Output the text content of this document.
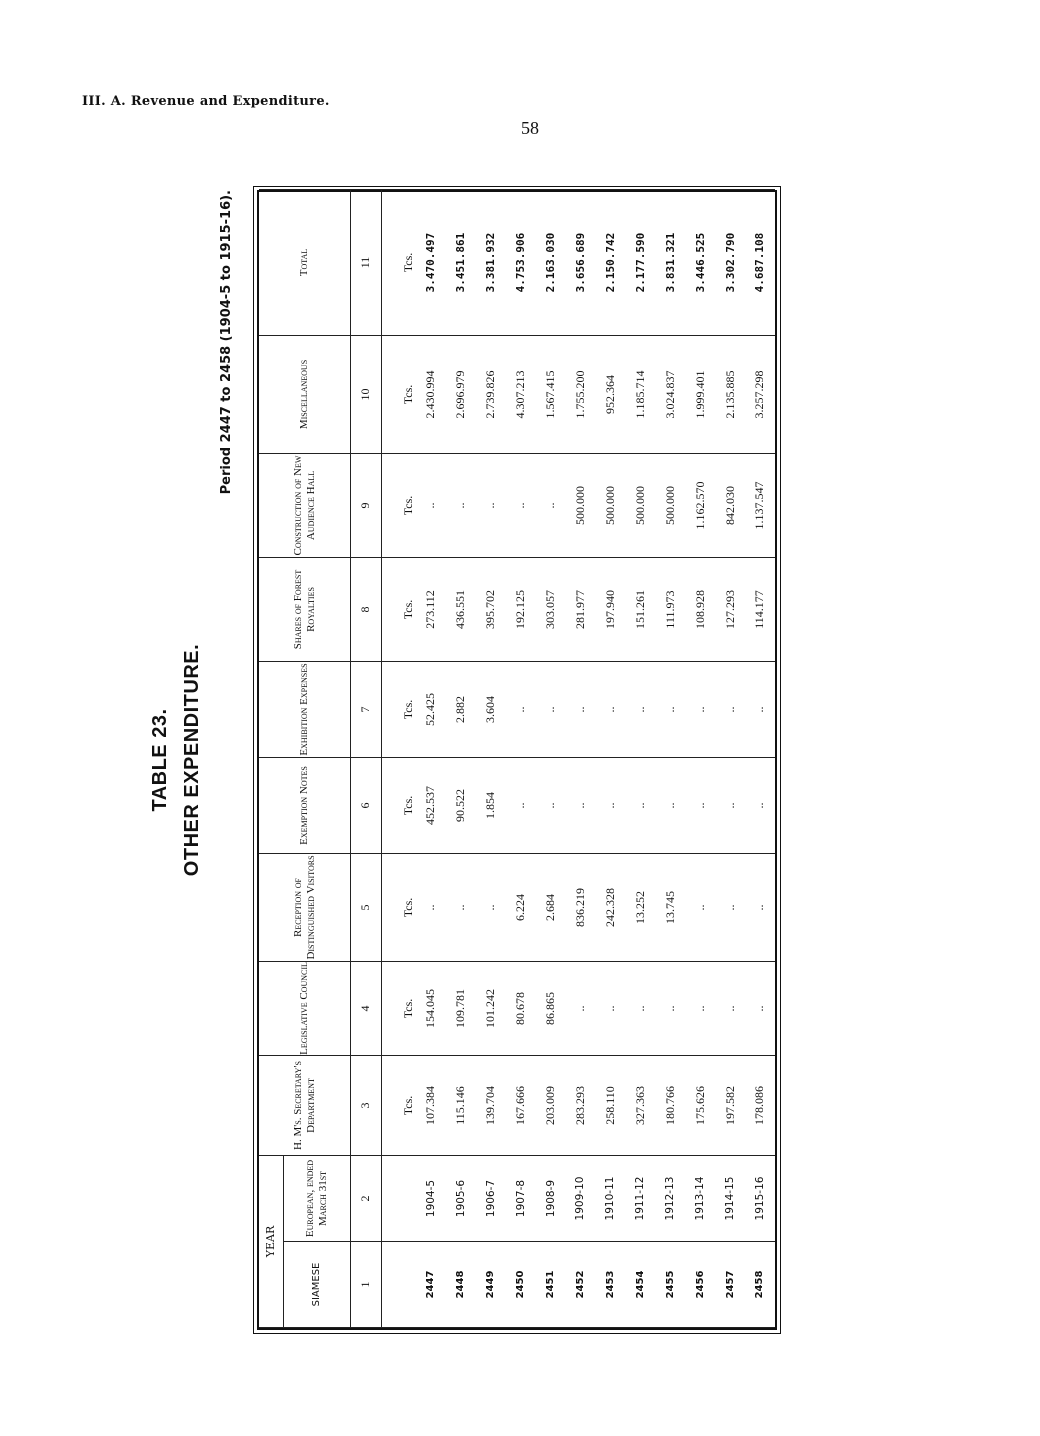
III. A. Revenue and Expenditure.
58
TABLE 23. OTHER EXPENDITURE.
Period 2447 to 2458 (1904-5 to 1915-16).
YEAR		H. M's. Secretary's Department	Legislative Council	Reception of Distinguished Visitors	Exemption Notes	Exhibition Expenses	Shares of Forest Royalties	Construction of New Audience Hall	Miscellaneous	Total
SIAMESE	European, ended March 31st									
1	2	3	4	5	6	7	8	9	10	11
		Tcs.	Tcs.	Tcs.	Tcs.	Tcs.	Tcs.	Tcs.	Tcs.	Tcs.
2447	1904-5	107.384	154.045	..	452.537	52.425	273.112	..	2.430.994	3.470.497
2448	1905-6	115.146	109.781	..	90.522	2.882	436.551	..	2.696.979	3.451.861
2449	1906-7	139.704	101.242	..	1.854	3.604	395.702	..	2.739.826	3.381.932
2450	1907-8	167.666	80.678	6.224	..	..	192.125	..	4.307.213	4.753.906
2451	1908-9	203.009	86.865	2.684	..	..	303.057	..	1.567.415	2.163.030
2452	1909-10	283.293	..	836.219	..	..	281.977	500.000	1.755.200	3.656.689
2453	1910-11	258.110	..	242.328	..	..	197.940	500.000	952.364	2.150.742
2454	1911-12	327.363	..	13.252	..	..	151.261	500.000	1.185.714	2.177.590
2455	1912-13	180.766	..	13.745	..	..	111.973	500.000	3.024.837	3.831.321
2456	1913-14	175.626	..	..	..	..	108.928	1.162.570	1.999.401	3.446.525
2457	1914-15	197.582	..	..	..	..	127.293	842.030	2.135.885	3.302.790
2458	1915-16	178.086	..	..	..	..	114.177	1.137.547	3.257.298	4.687.108
